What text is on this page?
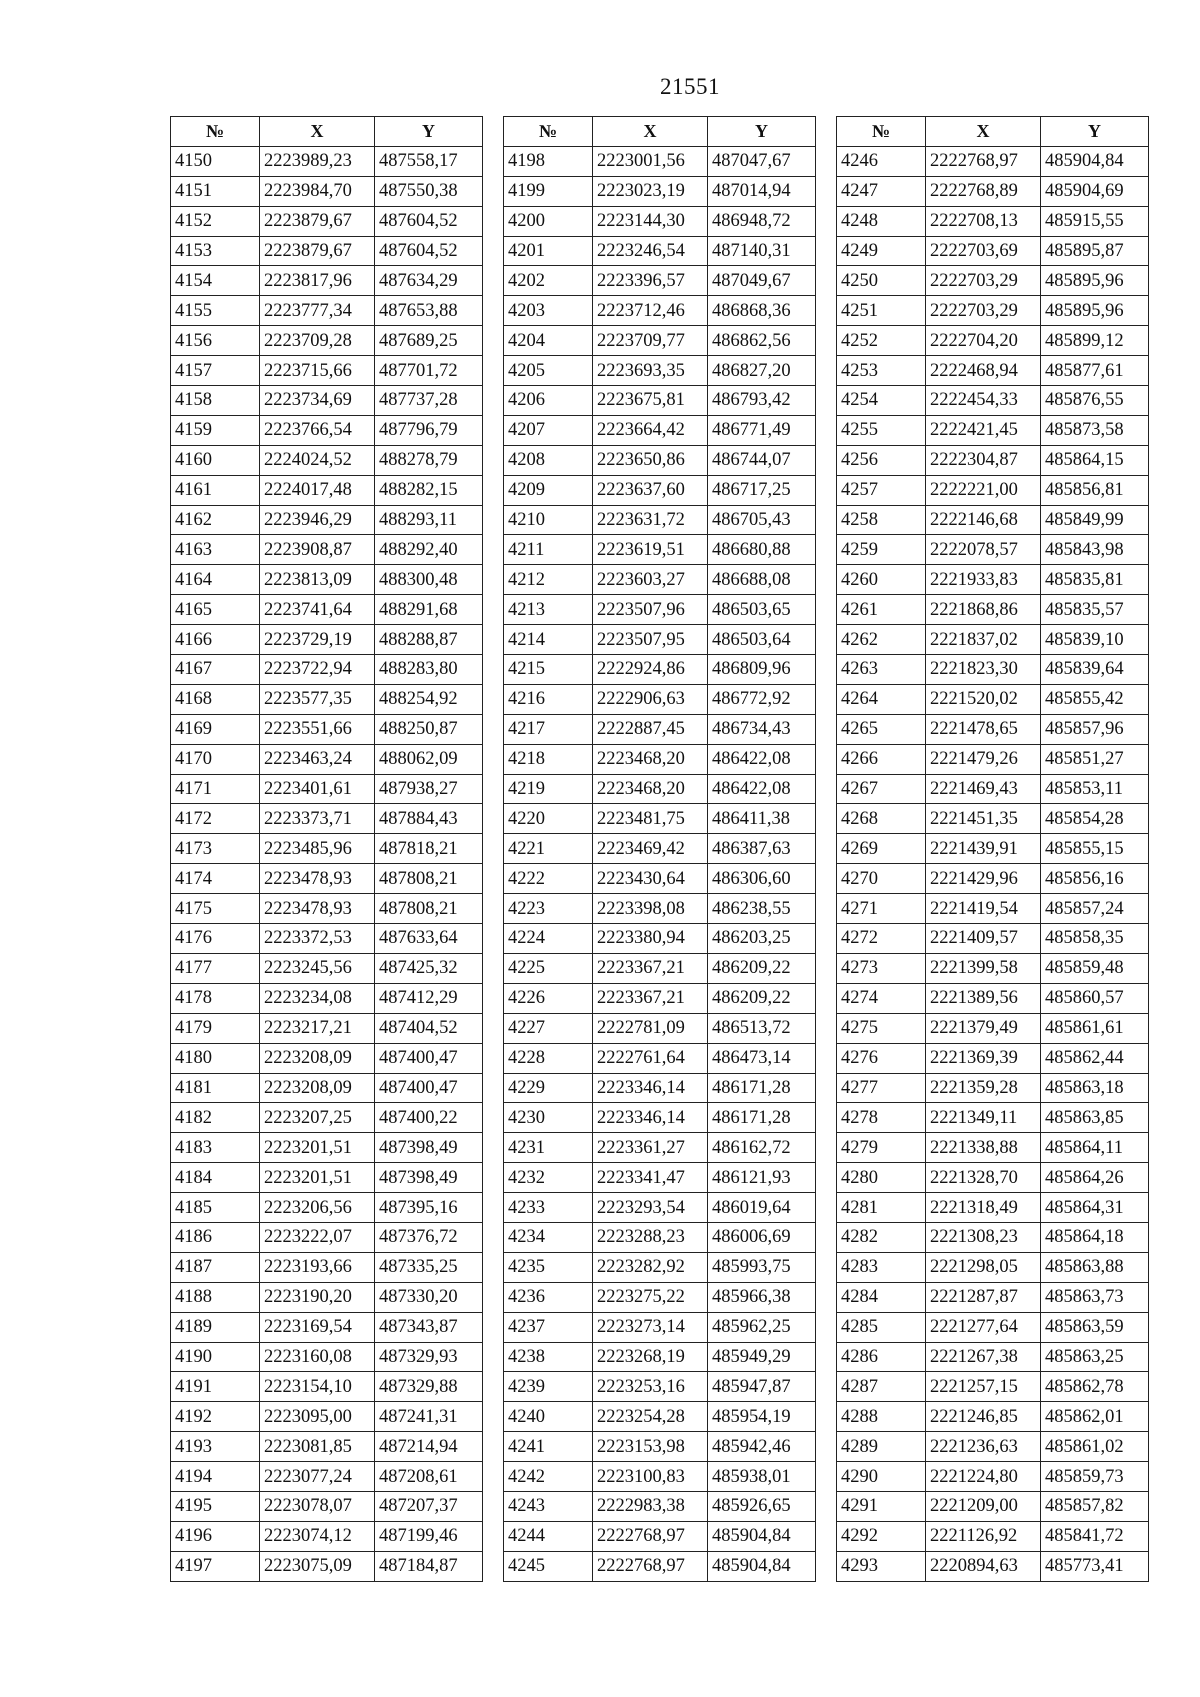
21551
№	X	Y
4150	2223989,23	487558,17
4151	2223984,70	487550,38
4152	2223879,67	487604,52
4153	2223879,67	487604,52
4154	2223817,96	487634,29
4155	2223777,34	487653,88
4156	2223709,28	487689,25
4157	2223715,66	487701,72
4158	2223734,69	487737,28
4159	2223766,54	487796,79
4160	2224024,52	488278,79
4161	2224017,48	488282,15
4162	2223946,29	488293,11
4163	2223908,87	488292,40
4164	2223813,09	488300,48
4165	2223741,64	488291,68
4166	2223729,19	488288,87
4167	2223722,94	488283,80
4168	2223577,35	488254,92
4169	2223551,66	488250,87
4170	2223463,24	488062,09
4171	2223401,61	487938,27
4172	2223373,71	487884,43
4173	2223485,96	487818,21
4174	2223478,93	487808,21
4175	2223478,93	487808,21
4176	2223372,53	487633,64
4177	2223245,56	487425,32
4178	2223234,08	487412,29
4179	2223217,21	487404,52
4180	2223208,09	487400,47
4181	2223208,09	487400,47
4182	2223207,25	487400,22
4183	2223201,51	487398,49
4184	2223201,51	487398,49
4185	2223206,56	487395,16
4186	2223222,07	487376,72
4187	2223193,66	487335,25
4188	2223190,20	487330,20
4189	2223169,54	487343,87
4190	2223160,08	487329,93
4191	2223154,10	487329,88
4192	2223095,00	487241,31
4193	2223081,85	487214,94
4194	2223077,24	487208,61
4195	2223078,07	487207,37
4196	2223074,12	487199,46
4197	2223075,09	487184,87
№	X	Y
4198	2223001,56	487047,67
4199	2223023,19	487014,94
4200	2223144,30	486948,72
4201	2223246,54	487140,31
4202	2223396,57	487049,67
4203	2223712,46	486868,36
4204	2223709,77	486862,56
4205	2223693,35	486827,20
4206	2223675,81	486793,42
4207	2223664,42	486771,49
4208	2223650,86	486744,07
4209	2223637,60	486717,25
4210	2223631,72	486705,43
4211	2223619,51	486680,88
4212	2223603,27	486688,08
4213	2223507,96	486503,65
4214	2223507,95	486503,64
4215	2222924,86	486809,96
4216	2222906,63	486772,92
4217	2222887,45	486734,43
4218	2223468,20	486422,08
4219	2223468,20	486422,08
4220	2223481,75	486411,38
4221	2223469,42	486387,63
4222	2223430,64	486306,60
4223	2223398,08	486238,55
4224	2223380,94	486203,25
4225	2223367,21	486209,22
4226	2223367,21	486209,22
4227	2222781,09	486513,72
4228	2222761,64	486473,14
4229	2223346,14	486171,28
4230	2223346,14	486171,28
4231	2223361,27	486162,72
4232	2223341,47	486121,93
4233	2223293,54	486019,64
4234	2223288,23	486006,69
4235	2223282,92	485993,75
4236	2223275,22	485966,38
4237	2223273,14	485962,25
4238	2223268,19	485949,29
4239	2223253,16	485947,87
4240	2223254,28	485954,19
4241	2223153,98	485942,46
4242	2223100,83	485938,01
4243	2222983,38	485926,65
4244	2222768,97	485904,84
4245	2222768,97	485904,84
№	X	Y
4246	2222768,97	485904,84
4247	2222768,89	485904,69
4248	2222708,13	485915,55
4249	2222703,69	485895,87
4250	2222703,29	485895,96
4251	2222703,29	485895,96
4252	2222704,20	485899,12
4253	2222468,94	485877,61
4254	2222454,33	485876,55
4255	2222421,45	485873,58
4256	2222304,87	485864,15
4257	2222221,00	485856,81
4258	2222146,68	485849,99
4259	2222078,57	485843,98
4260	2221933,83	485835,81
4261	2221868,86	485835,57
4262	2221837,02	485839,10
4263	2221823,30	485839,64
4264	2221520,02	485855,42
4265	2221478,65	485857,96
4266	2221479,26	485851,27
4267	2221469,43	485853,11
4268	2221451,35	485854,28
4269	2221439,91	485855,15
4270	2221429,96	485856,16
4271	2221419,54	485857,24
4272	2221409,57	485858,35
4273	2221399,58	485859,48
4274	2221389,56	485860,57
4275	2221379,49	485861,61
4276	2221369,39	485862,44
4277	2221359,28	485863,18
4278	2221349,11	485863,85
4279	2221338,88	485864,11
4280	2221328,70	485864,26
4281	2221318,49	485864,31
4282	2221308,23	485864,18
4283	2221298,05	485863,88
4284	2221287,87	485863,73
4285	2221277,64	485863,59
4286	2221267,38	485863,25
4287	2221257,15	485862,78
4288	2221246,85	485862,01
4289	2221236,63	485861,02
4290	2221224,80	485859,73
4291	2221209,00	485857,82
4292	2221126,92	485841,72
4293	2220894,63	485773,41
